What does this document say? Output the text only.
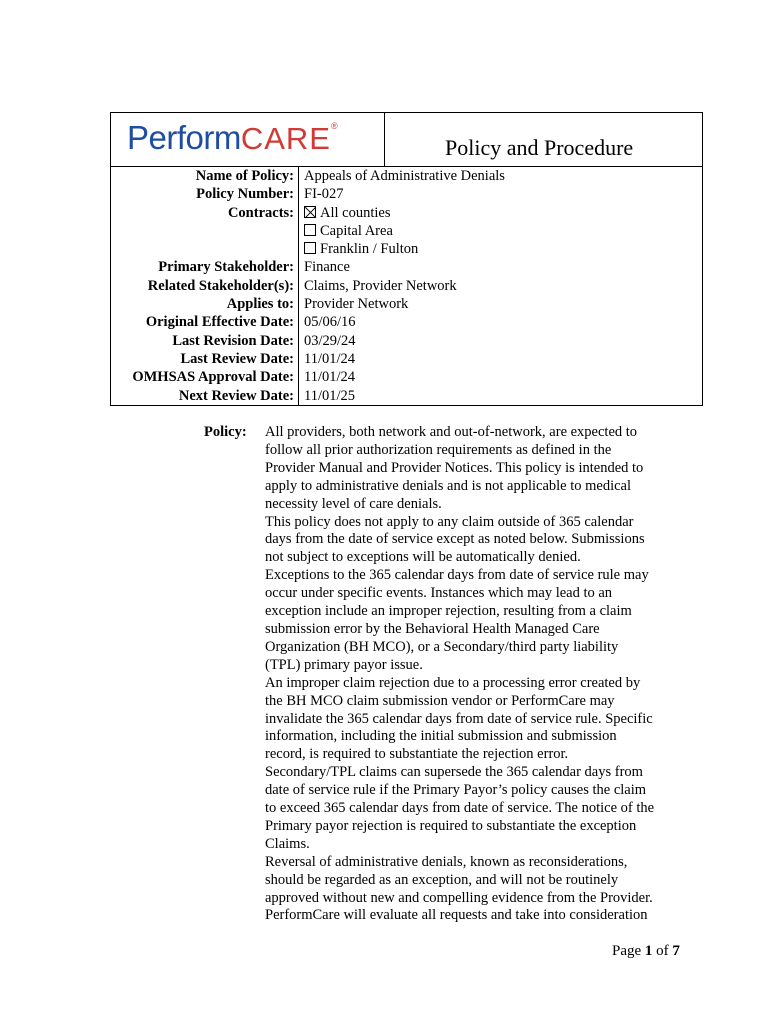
PerformCARE®
Policy and Procedure
Name of Policy: Appeals of Administrative Denials
Policy Number: FI-027
Contracts:	All counties
Capital Area
Franklin / Fulton
Primary Stakeholder: Finance
Related Stakeholder(s): Claims, Provider Network
Applies to: Provider Network
Original Effective Date: 05/06/16
Last Revision Date: 03/29/24
Last Review Date: 11/01/24
OMHSAS Approval Date: 11/01/24
Next Review Date: 11/01/25
Policy: All providers, both network and out-of-network, are expected to

follow all prior authorization requirements as defined in the

Provider Manual and Provider Notices. This policy is intended to

apply to administrative denials and is not applicable to medical

necessity level of care denials.

This policy does not apply to any claim outside of 365 calendar

days from the date of service except as noted below. Submissions

not subject to exceptions will be automatically denied.

Exceptions to the 365 calendar days from date of service rule may

occur under specific events. Instances which may lead to an

exception include an improper rejection, resulting from a claim

submission error by the Behavioral Health Managed Care

Organization (BH MCO), or a Secondary/third party liability

(TPL) primary payor issue.

An improper claim rejection due to a processing error created by

the BH MCO claim submission vendor or PerformCare may

invalidate the 365 calendar days from date of service rule. Specific

information, including the initial submission and submission

record, is required to substantiate the rejection error.

Secondary/TPL claims can supersede the 365 calendar days from

date of service rule if the Primary Payor’s policy causes the claim

to exceed 365 calendar days from date of service. The notice of the

Primary payor rejection is required to substantiate the exception

Claims.

Reversal of administrative denials, known as reconsiderations,

should be regarded as an exception, and will not be routinely

approved without new and compelling evidence from the Provider.

PerformCare will evaluate all requests and take into consideration

Page 1 of 7
